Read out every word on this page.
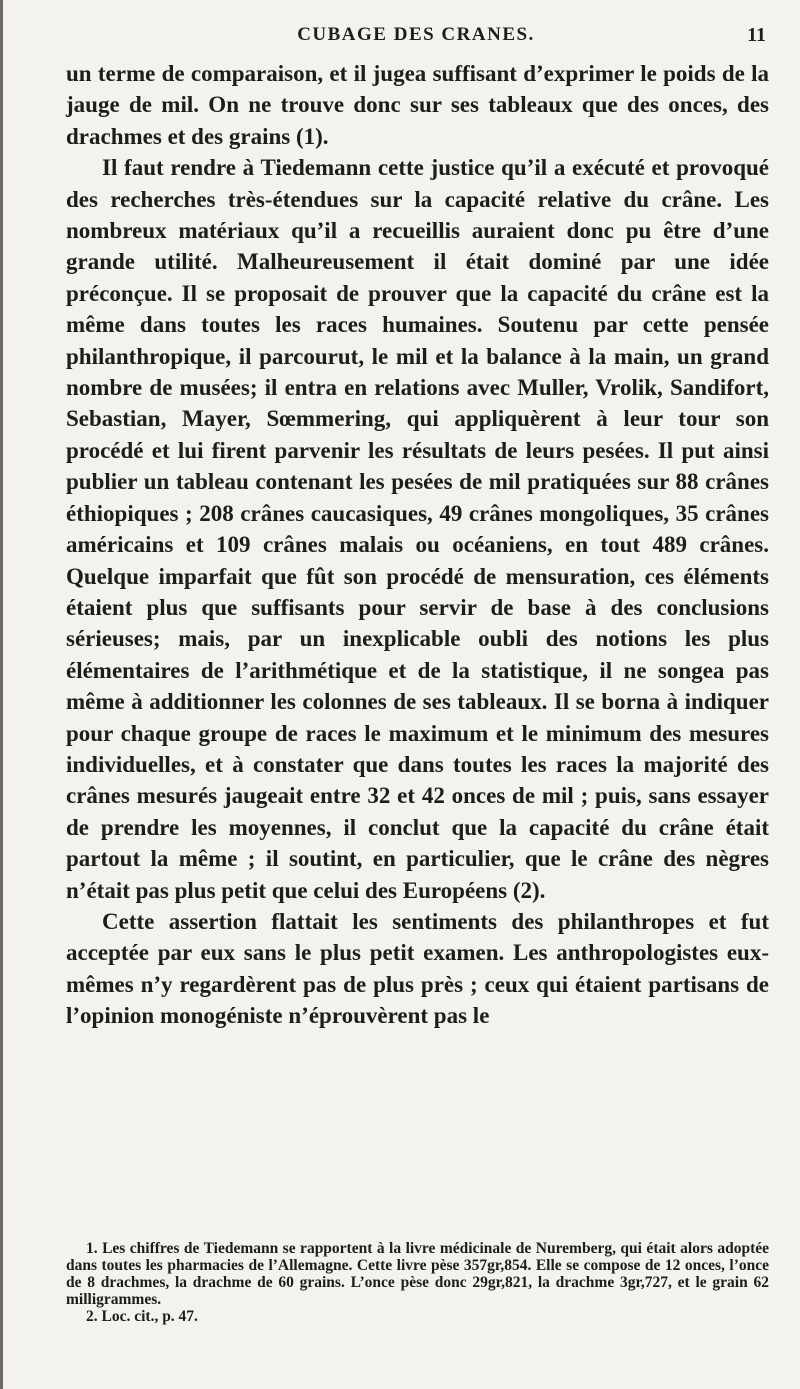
CUBAGE DES CRANES.	11

un terme de comparaison, et il jugea suffisant d’exprimer le poids de la jauge de mil. On ne trouve donc sur ses tableaux que des onces, des drachmes et des grains (1).

Il faut rendre à Tiedemann cette justice qu’il a exécuté et provoqué des recherches très-étendues sur la capacité relative du crâne. Les nombreux matériaux qu’il a recueillis auraient donc pu être d’une grande utilité. Malheureusement il était dominé par une idée préconçue. Il se proposait de prouver que la capacité du crâne est la même dans toutes les races humaines. Soutenu par cette pensée philanthropique, il parcourut, le mil et la balance à la main, un grand nombre de musées; il entra en relations avec Muller, Vrolik, Sandifort, Sebastian, Mayer, Sœmmering, qui appliquèrent à leur tour son procédé et lui firent parvenir les résultats de leurs pesées. Il put ainsi publier un tableau contenant les pesées de mil pratiquées sur 88 crânes éthiopiques ; 208 crânes caucasiques, 49 crânes mongoliques, 35 crânes américains et 109 crânes malais ou océaniens, en tout 489 crânes. Quelque imparfait que fût son procédé de mensuration, ces éléments étaient plus que suffisants pour servir de base à des conclusions sérieuses; mais, par un inexplicable oubli des notions les plus élémentaires de l’arithmétique et de la statistique, il ne songea pas même à additionner les colonnes de ses tableaux. Il se borna à indiquer pour chaque groupe de races le maximum et le minimum des mesures individuelles, et à constater que dans toutes les races la majorité des crânes mesurés jaugeait entre 32 et 42 onces de mil ; puis, sans essayer de prendre les moyennes, il conclut que la capacité du crâne était partout la même ; il soutint, en particulier, que le crâne des nègres n’était pas plus petit que celui des Européens (2).

Cette assertion flattait les sentiments des philanthropes et fut acceptée par eux sans le plus petit examen. Les anthropologistes eux-mêmes n’y regardèrent pas de plus près ; ceux qui étaient partisans de l’opinion monogéniste n’éprouvèrent pas le

1. Les chiffres de Tiedemann se rapportent à la livre médicinale de Nuremberg, qui était alors adoptée dans toutes les pharmacies de l’Allemagne. Cette livre pèse 357gr,854. Elle se compose de 12 onces, l’once de 8 drachmes, la drachme de 60 grains. L’once pèse donc 29gr,821, la drachme 3gr,727, et le grain 62 milligrammes.

2. Loc. cit., p. 47.
